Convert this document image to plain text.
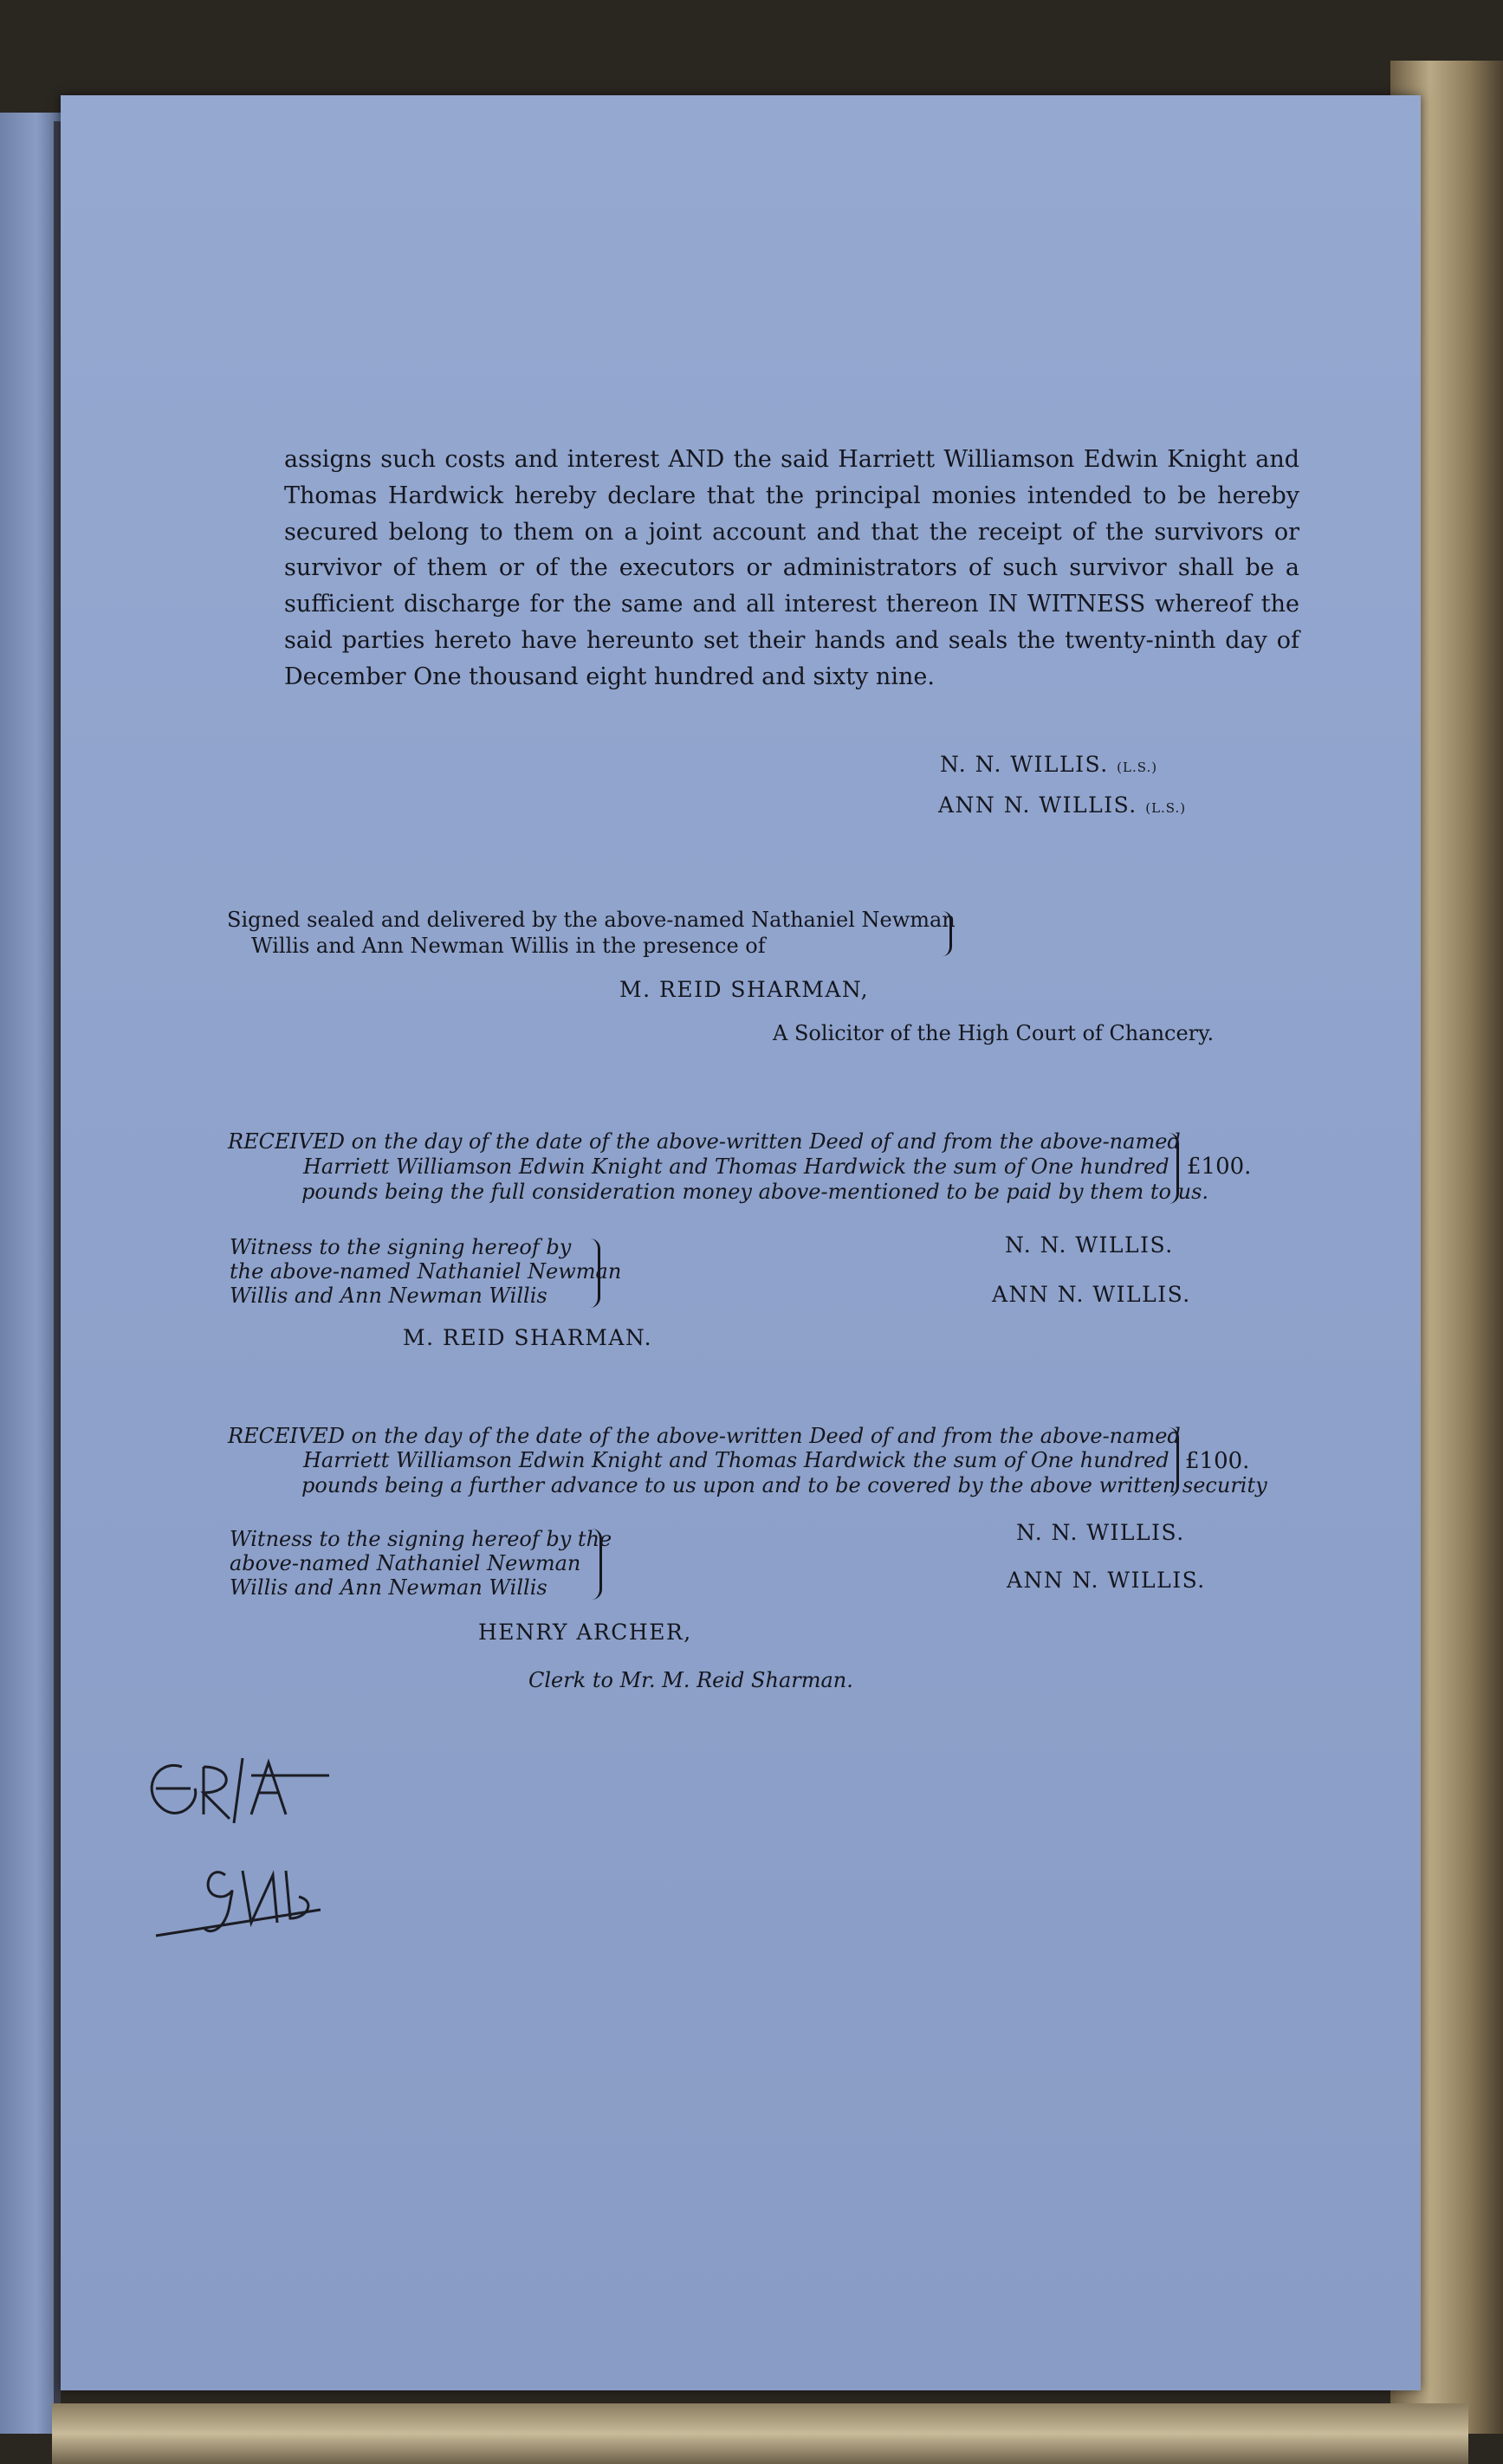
assigns such costs and interest AND the said Harriett Williamson Edwin Knight and Thomas Hardwick hereby declare that the principal monies intended to be hereby secured belong to them on a joint account and that the receipt of the survivors or survivor of them or of the executors or administrators of such survivor shall be a sufficient discharge for the same and all interest thereon IN WITNESS whereof the said parties hereto have hereunto set their hands and seals the twenty-ninth day of December One thousand eight hundred and sixty nine.
N. N. WILLIS. (L.S.)
ANN N. WILLIS. (L.S.)
Signed sealed and delivered by the above-named Nathaniel Newman
Willis and Ann Newman Willis in the presence of
M. REID SHARMAN,
A Solicitor of the High Court of Chancery.
RECEIVED on the day of the date of the above-written Deed of and from the above-named
Harriett Williamson Edwin Knight and Thomas Hardwick the sum of One hundred
pounds being the full consideration money above-mentioned to be paid by them to us.
£100.
Witness to the signing hereof by
the above-named Nathaniel Newman
Willis and Ann Newman Willis
N. N. WILLIS.
ANN N. WILLIS.
M. REID SHARMAN.
RECEIVED on the day of the date of the above-written Deed of and from the above-named
Harriett Williamson Edwin Knight and Thomas Hardwick the sum of One hundred
pounds being a further advance to us upon and to be covered by the above written security
£100.
Witness to the signing hereof by the
above-named Nathaniel Newman
Willis and Ann Newman Willis
N. N. WILLIS.
ANN N. WILLIS.
HENRY ARCHER,
Clerk to Mr. M. Reid Sharman.
